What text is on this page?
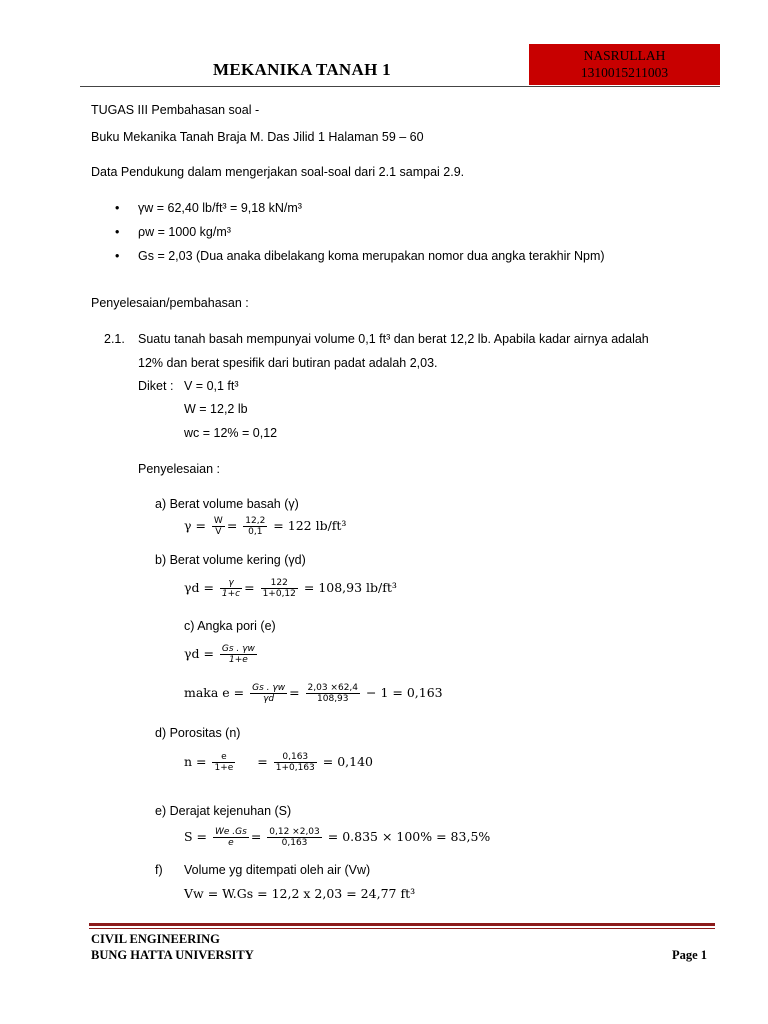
MEKANIKA TANAH 1
NASRULLAH
1310015211003
TUGAS III Pembahasan soal -
Buku Mekanika Tanah Braja M. Das Jilid 1 Halaman 59 – 60
Data Pendukung dalam mengerjakan soal-soal dari 2.1 sampai 2.9.
• γw = 62,40 lb/ft³ = 9,18 kN/m³
• ρw = 1000 kg/m³
• Gs = 2,03 (Dua anaka dibelakang koma merupakan nomor dua angka terakhir Npm)
Penyelesaian/pembahasan :
2.1. Suatu tanah basah mempunyai volume 0,1 ft³ dan berat 12,2 lb. Apabila kadar airnya adalah
12% dan berat spesifik dari butiran padat adalah 2,03.
Diket : V = 0,1 ft³
W = 12,2 lb
wc = 12% = 0,12
Penyelesaian :
a) Berat volume basah (γ)
$\gamma = \frac{W}{V} = \frac{12,2}{0,1} = 122$ lb/ft³
b) Berat volume kering (γd)
$\gamma d = \frac{\gamma}{1+c} = \frac{122}{1+0,12} = 108,93$ lb/ft³
c) Angka pori (e)
$\gamma d = \frac{Gs . \gamma w}{1+e}$
maka $e = \frac{Gs . \gamma w}{\gamma d} = \frac{2,03 \times 62,4}{108,93} - 1 = 0,163$
d) Porositas (n)
$n = \frac{e}{1+e} = \frac{0,163}{1+0,163} = 0,140$
e) Derajat kejenuhan (S)
$S = \frac{We .Gs}{e} = \frac{0,12 \times 2,03}{0,163} = 0.835 \times 100\% = 83,5\%$
f) Volume yg ditempati oleh air (Vw)
Vw = W.Gs = 12,2 x 2,03 = 24,77 ft³
CIVIL ENGINEERING
BUNG HATTA UNIVERSITY	Page 1
